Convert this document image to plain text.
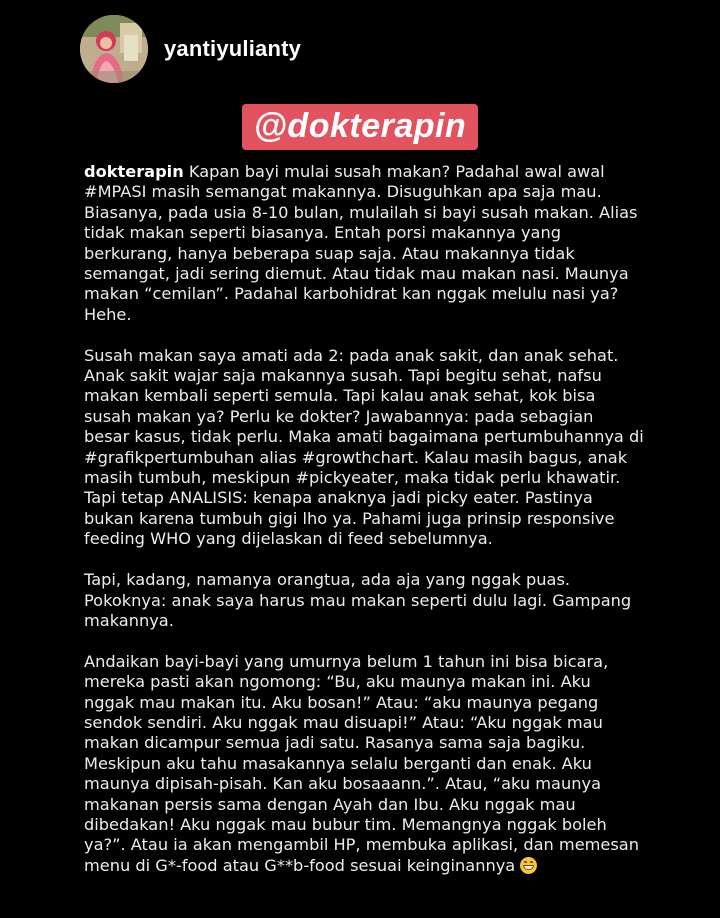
yantiyulianty
@dokterapin

dokterapin Kapan bayi mulai susah makan? Padahal awal awal
#MPASI masih semangat makannya. Disuguhkan apa saja mau.
Biasanya, pada usia 8-10 bulan, mulailah si bayi susah makan. Alias
tidak makan seperti biasanya. Entah porsi makannya yang
berkurang, hanya beberapa suap saja. Atau makannya tidak
semangat, jadi sering diemut. Atau tidak mau makan nasi. Maunya
makan “cemilan”. Padahal karbohidrat kan nggak melulu nasi ya?
Hehe.

Susah makan saya amati ada 2: pada anak sakit, dan anak sehat.
Anak sakit wajar saja makannya susah. Tapi begitu sehat, nafsu
makan kembali seperti semula. Tapi kalau anak sehat, kok bisa
susah makan ya? Perlu ke dokter? Jawabannya: pada sebagian
besar kasus, tidak perlu. Maka amati bagaimana pertumbuhannya di
#grafikpertumbuhan alias #growthchart. Kalau masih bagus, anak
masih tumbuh, meskipun #pickyeater, maka tidak perlu khawatir.
Tapi tetap ANALISIS: kenapa anaknya jadi picky eater. Pastinya
bukan karena tumbuh gigi lho ya. Pahami juga prinsip responsive
feeding WHO yang dijelaskan di feed sebelumnya.

Tapi, kadang, namanya orangtua, ada aja yang nggak puas.
Pokoknya: anak saya harus mau makan seperti dulu lagi. Gampang
makannya.

Andaikan bayi-bayi yang umurnya belum 1 tahun ini bisa bicara,
mereka pasti akan ngomong: “Bu, aku maunya makan ini. Aku
nggak mau makan itu. Aku bosan!” Atau: “aku maunya pegang
sendok sendiri. Aku nggak mau disuapi!” Atau: “Aku nggak mau
makan dicampur semua jadi satu. Rasanya sama saja bagiku.
Meskipun aku tahu masakannya selalu berganti dan enak. Aku
maunya dipisah-pisah. Kan aku bosaaann.”. Atau, “aku maunya
makanan persis sama dengan Ayah dan Ibu. Aku nggak mau
dibedakan! Aku nggak mau bubur tim. Memangnya nggak boleh
ya?”. Atau ia akan mengambil HP, membuka aplikasi, dan memesan
menu di G*-food atau G**b-food sesuai keinginannya
